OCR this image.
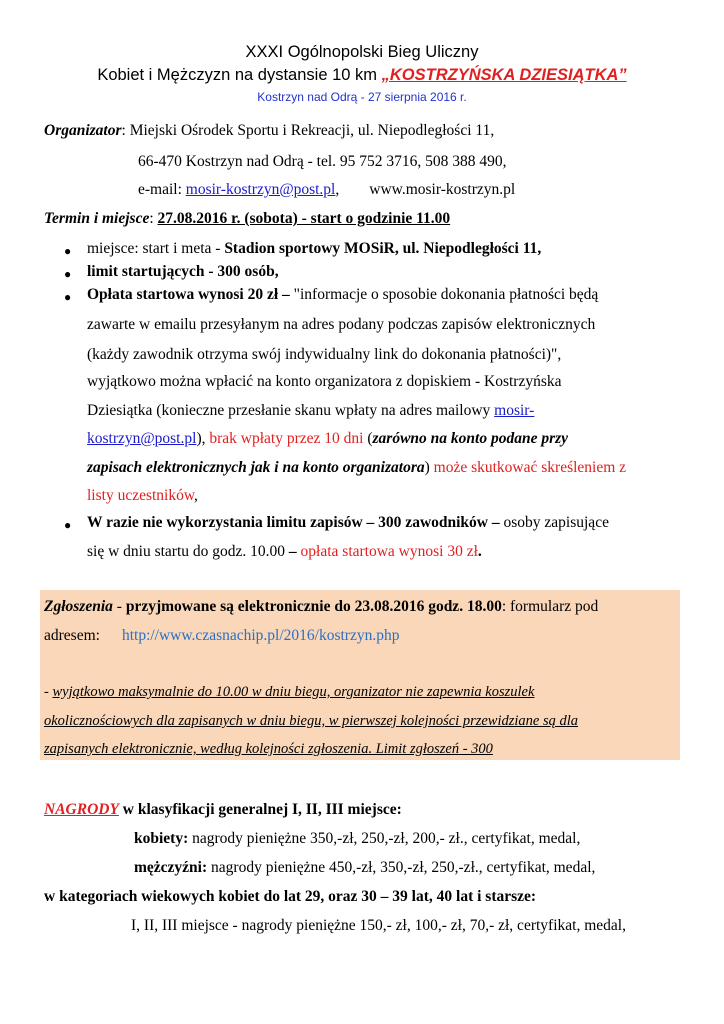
XXXI Ogólnopolski Bieg Uliczny
Kobiet i Mężczyzn na dystansie 10 km „KOSTRZYŃSKA DZIESIĄTKA”
Kostrzyn nad Odrą - 27 sierpnia 2016 r.
Organizator: Miejski Ośrodek Sportu i Rekreacji, ul. Niepodległości 11,
66-470 Kostrzyn nad Odrą - tel. 95 752 3716, 508 388 490,
e-mail: mosir-kostrzyn@post.pl, www.mosir-kostrzyn.pl
Termin i miejsce: 27.08.2016 r. (sobota) - start o godzinie 11.00
● miejsce: start i meta - Stadion sportowy MOSiR, ul. Niepodległości 11,
● limit startujących - 300 osób,
● Opłata startowa wynosi 20 zł – "informacje o sposobie dokonania płatności będą
zawarte w emailu przesyłanym na adres podany podczas zapisów elektronicznych
(każdy zawodnik otrzyma swój indywidualny link do dokonania płatności)",
wyjątkowo można wpłacić na konto organizatora z dopiskiem - Kostrzyńska
Dziesiątka (konieczne przesłanie skanu wpłaty na adres mailowy mosir-
kostrzyn@post.pl), brak wpłaty przez 10 dni (zarówno na konto podane przy
zapisach elektronicznych jak i na konto organizatora) może skutkować skreśleniem z
listy uczestników,
● W razie nie wykorzystania limitu zapisów – 300 zawodników – osoby zapisujące
się w dniu startu do godz. 10.00 – opłata startowa wynosi 30 zł.
Zgłoszenia - przyjmowane są elektronicznie do 23.08.2016 godz. 18.00: formularz pod
adresem: http://www.czasnachip.pl/2016/kostrzyn.php
- wyjątkowo maksymalnie do 10.00 w dniu biegu, organizator nie zapewnia koszulek
okolicznościowych dla zapisanych w dniu biegu, w pierwszej kolejności przewidziane są dla
zapisanych elektronicznie, według kolejności zgłoszenia. Limit zgłoszeń - 300
NAGRODY w klasyfikacji generalnej I, II, III miejsce:
kobiety: nagrody pieniężne 350,-zł, 250,-zł, 200,- zł., certyfikat, medal,
mężczyźni: nagrody pieniężne 450,-zł, 350,-zł, 250,-zł., certyfikat, medal,
w kategoriach wiekowych kobiet do lat 29, oraz 30 – 39 lat, 40 lat i starsze:
I, II, III miejsce - nagrody pieniężne 150,- zł, 100,- zł, 70,- zł, certyfikat, medal,
